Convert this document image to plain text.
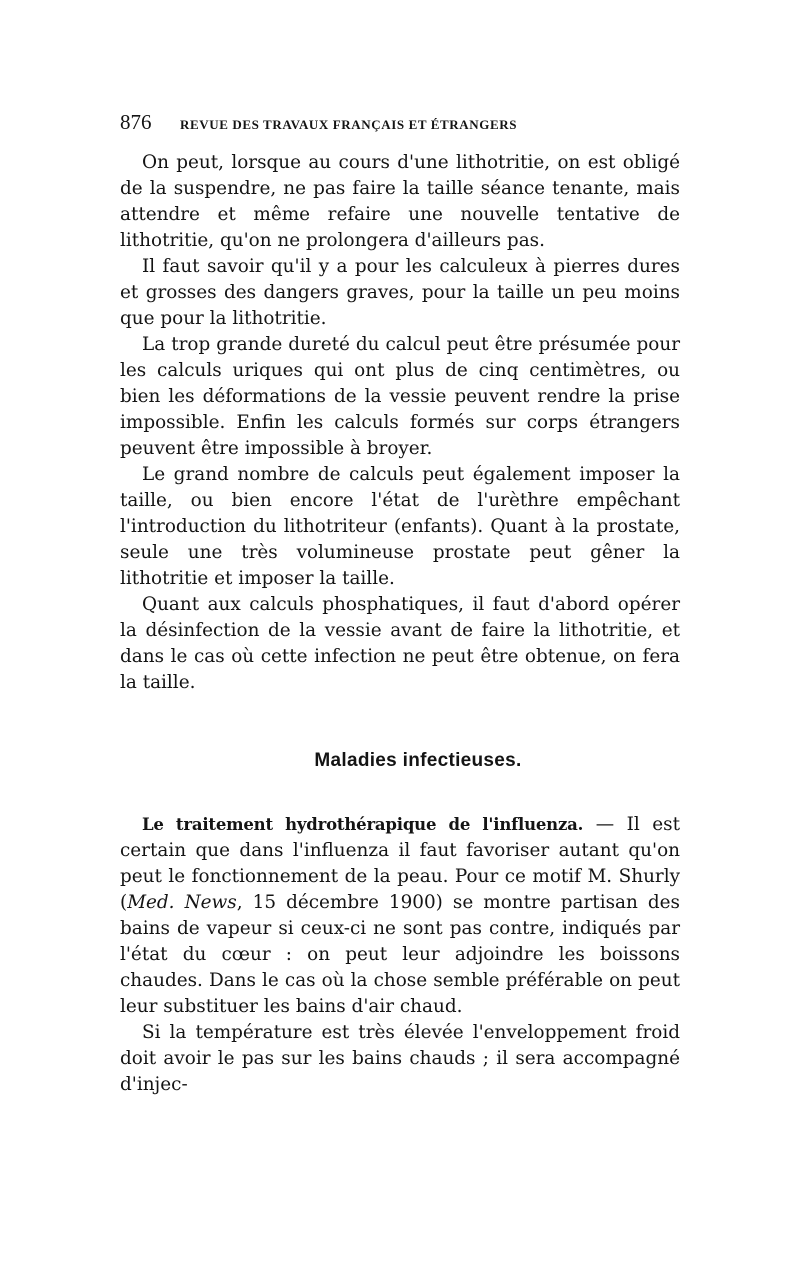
876	REVUE DES TRAVAUX FRANÇAIS ET ÉTRANGERS

On peut, lorsque au cours d'une lithotritie, on est obligé de la suspendre, ne pas faire la taille séance tenante, mais attendre et même refaire une nouvelle tentative de lithotritie, qu'on ne prolongera d'ailleurs pas.

Il faut savoir qu'il y a pour les calculeux à pierres dures et grosses des dangers graves, pour la taille un peu moins que pour la lithotritie.

La trop grande dureté du calcul peut être présumée pour les calculs uriques qui ont plus de cinq centimètres, ou bien les déformations de la vessie peuvent rendre la prise impossible. Enfin les calculs formés sur corps étrangers peuvent être impossible à broyer.

Le grand nombre de calculs peut également imposer la taille, ou bien encore l'état de l'urèthre empêchant l'introduction du lithotriteur (enfants). Quant à la prostate, seule une très volumineuse prostate peut gêner la lithotritie et imposer la taille.

Quant aux calculs phosphatiques, il faut d'abord opérer la désinfection de la vessie avant de faire la lithotritie, et dans le cas où cette infection ne peut être obtenue, on fera la taille.

Maladies infectieuses.

Le traitement hydrothérapique de l'influenza. — Il est certain que dans l'influenza il faut favoriser autant qu'on peut le fonctionnement de la peau. Pour ce motif M. Shurly (Med. News, 15 décembre 1900) se montre partisan des bains de vapeur si ceux-ci ne sont pas contre, indiqués par l'état du cœur : on peut leur adjoindre les boissons chaudes. Dans le cas où la chose semble préférable on peut leur substituer les bains d'air chaud.

Si la température est très élevée l'enveloppement froid doit avoir le pas sur les bains chauds ; il sera accompagné d'injec-
